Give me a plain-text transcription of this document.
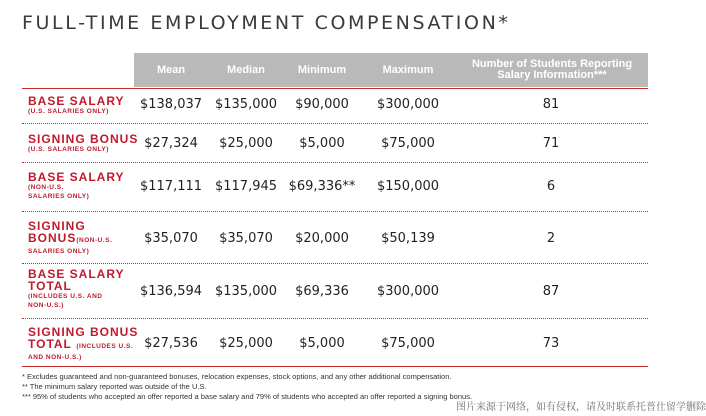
FULL-TIME EMPLOYMENT COMPENSATION*
Mean	Median	Minimum	Maximum	Number of Students Reporting
Salary Information***
BASE SALARY
(U.S. SALARIES ONLY)	$138,037 $135,000 $90,000 $300,000	81
SIGNING BONUS
(U.S. SALARIES ONLY)	$27,324 $25,000 $5,000	$75,000	71
BASE SALARY
(NON-U.S.
SALARIES ONLY)
$117,111 $117,945 $69,336** $150,000	6
SIGNING
BONUS(NON-U.S.
SALARIES ONLY)
$35,070 $35,070 $20,000 $50,139	2
BASE SALARY
TOTAL
(INCLUDES U.S. AND
NON-U.S.)
$136,594 $135,000 $69,336 $300,000	87
SIGNING BONUS
TOTAL (INCLUDES U.S.
AND NON-U.S.)
$27,536 $25,000 $5,000	$75,000	73
* Excludes guaranteed and non-guaranteed bonuses, relocation expenses, stock options, and any other additional compensation.
** The minimum salary reported was outside of the U.S.
*** 95% of students who accepted an offer reported a base salary and 79% of students who accepted an offer reported a signing bonus.
图片来源于网络，如有侵权，请及时联系托普仕留学删除
